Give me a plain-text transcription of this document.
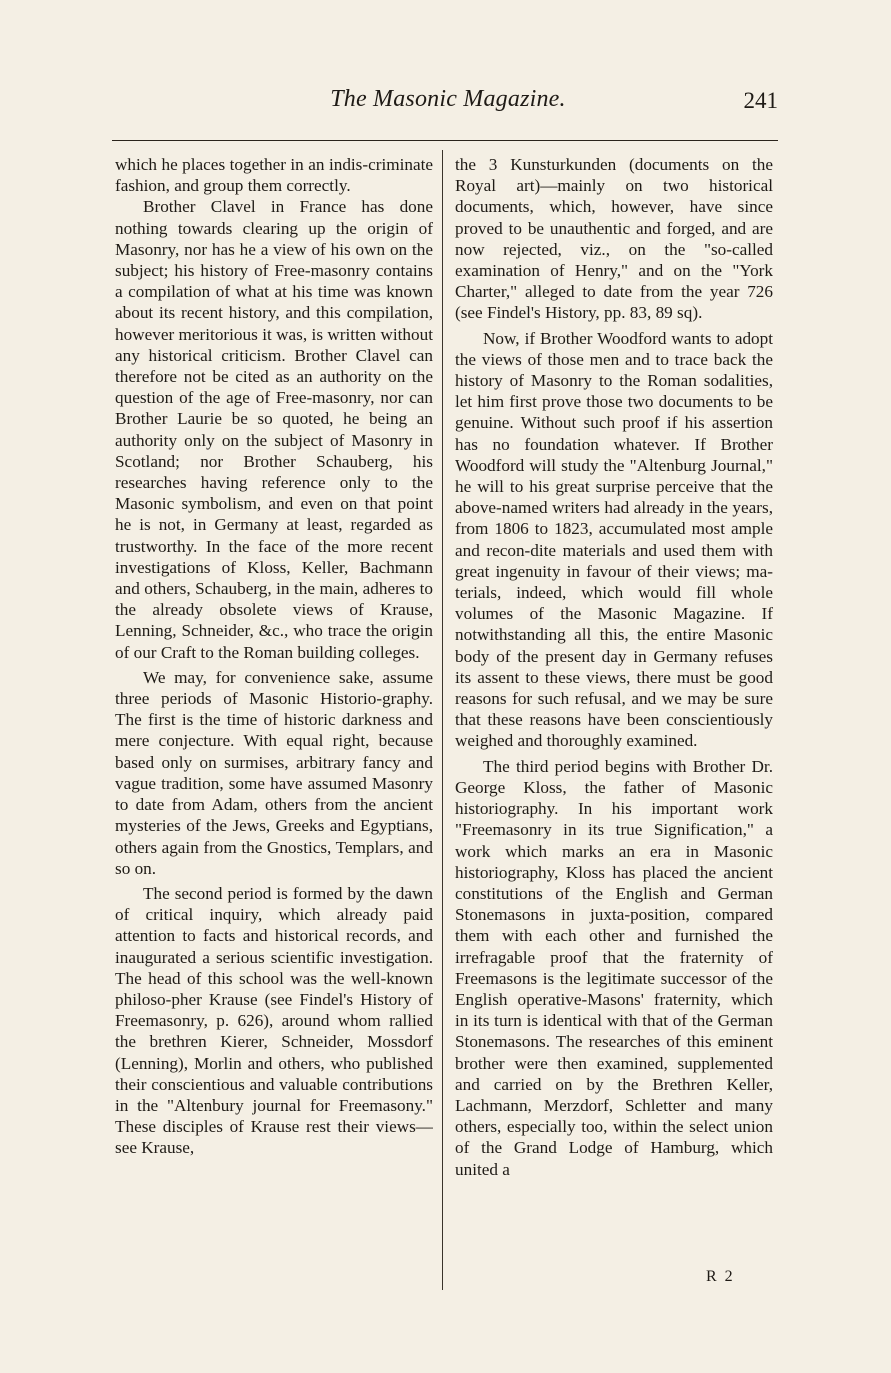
The Masonic Magazine.	241

which he places together in an indis-criminate fashion, and group them correctly.

Brother Clavel in France has done nothing towards clearing up the origin of Masonry, nor has he a view of his own on the subject; his history of Free-masonry contains a compilation of what at his time was known about its recent history, and this compilation, however meritorious it was, is written without any historical criticism. Brother Clavel can therefore not be cited as an authority on the question of the age of Free-masonry, nor can Brother Laurie be so quoted, he being an authority only on the subject of Masonry in Scotland; nor Brother Schauberg, his researches having reference only to the Masonic symbolism, and even on that point he is not, in Germany at least, regarded as trustworthy. In the face of the more recent investigations of Kloss, Keller, Bachmann and others, Schauberg, in the main, adheres to the already obsolete views of Krause, Lenning, Schneider, &c., who trace the origin of our Craft to the Roman building colleges.

We may, for convenience sake, assume three periods of Masonic Historio-graphy. The first is the time of historic darkness and mere conjecture. With equal right, because based only on surmises, arbitrary fancy and vague tradition, some have assumed Masonry to date from Adam, others from the ancient mysteries of the Jews, Greeks and Egyptians, others again from the Gnostics, Templars, and so on.

The second period is formed by the dawn of critical inquiry, which already paid attention to facts and historical records, and inaugurated a serious scientific investigation. The head of this school was the well-known philoso-pher Krause (see Findel's History of Freemasonry, p. 626), around whom rallied the brethren Kierer, Schneider, Mossdorf (Lenning), Morlin and others, who published their conscientious and valuable contributions in the "Altenbury journal for Freemasony." These disciples of Krause rest their views—see Krause,

the 3 Kunsturkunden (documents on the Royal art)—mainly on two historical documents, which, however, have since proved to be unauthentic and forged, and are now rejected, viz., on the "so-called examination of Henry," and on the "York Charter," alleged to date from the year 726 (see Findel's History, pp. 83, 89 sq).

Now, if Brother Woodford wants to adopt the views of those men and to trace back the history of Masonry to the Roman sodalities, let him first prove those two documents to be genuine. Without such proof if his assertion has no foundation whatever. If Brother Woodford will study the "Altenburg Journal," he will to his great surprise perceive that the above-named writers had already in the years, from 1806 to 1823, accumulated most ample and recon-dite materials and used them with great ingenuity in favour of their views; ma-terials, indeed, which would fill whole volumes of the Masonic Magazine. If notwithstanding all this, the entire Masonic body of the present day in Germany refuses its assent to these views, there must be good reasons for such refusal, and we may be sure that these reasons have been conscientiously weighed and thoroughly examined.

The third period begins with Brother Dr. George Kloss, the father of Masonic historiography. In his important work "Freemasonry in its true Signification," a work which marks an era in Masonic historiography, Kloss has placed the ancient constitutions of the English and German Stonemasons in juxta-position, compared them with each other and furnished the irrefragable proof that the fraternity of Freemasons is the legitimate successor of the English operative-Masons' fraternity, which in its turn is identical with that of the German Stonemasons. The researches of this eminent brother were then examined, supplemented and carried on by the Brethren Keller, Lachmann, Merzdorf, Schletter and many others, especially too, within the select union of the Grand Lodge of Hamburg, which united a

R 2
